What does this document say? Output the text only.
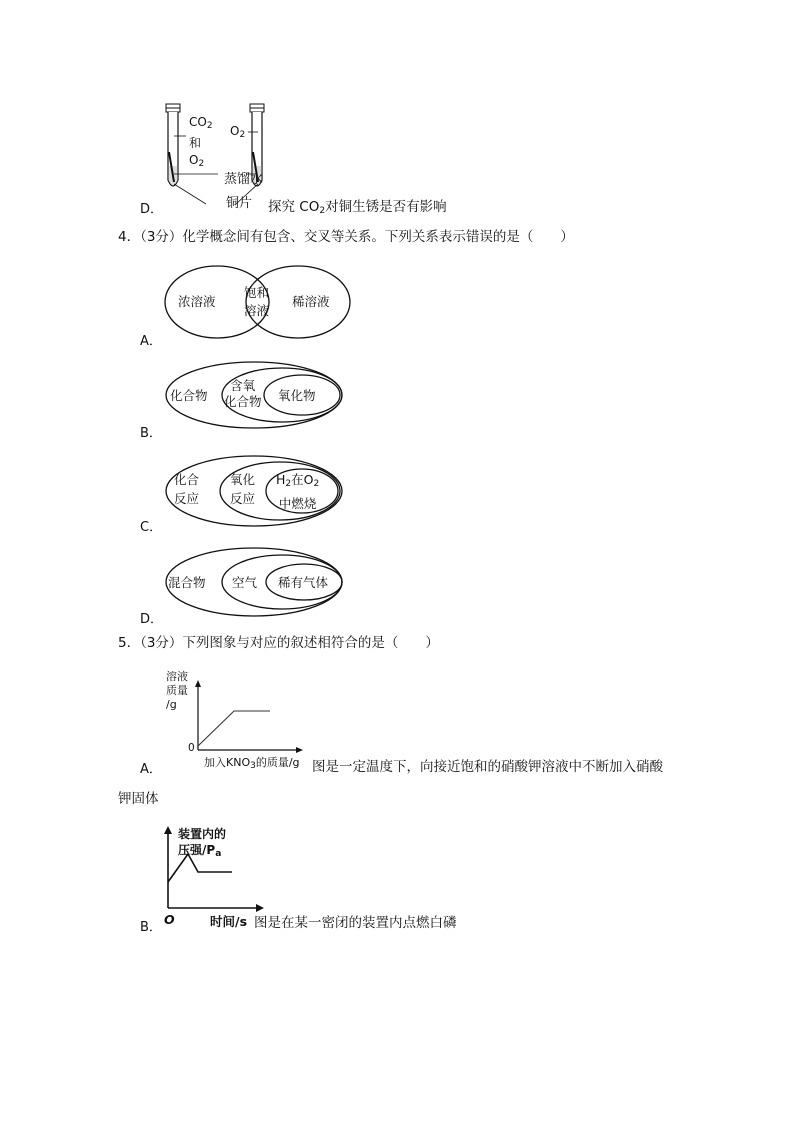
$CO_2$
和
$O_2$
$O_2$
蒸馏水
铜片
D．	探究 $CO_2$对铜生锈是否有影响
4．（3分）化学概念间有包含、交叉等关系。下列关系表示错误的是（　　）
浓溶液
饱和
溶液
稀溶液
A．
化合物
含氧
化合物 氧化物
B．
化合
反应
氧化
反应
$H_2$在$O_2$
中燃烧
C．
混合物 空气 稀有气体
D．
5．（3分）下列图象与对应的叙述相符合的是（　　）
溶液
质量
/g
0
加入$KNO_3$的质量/g
A．	图是一定温度下，向接近饱和的硝酸钾溶液中不断加入硝酸
钾固体
装置内的
压强$/P_a$
O	时间/s
B．	图是在某一密闭的装置内点燃白磷
